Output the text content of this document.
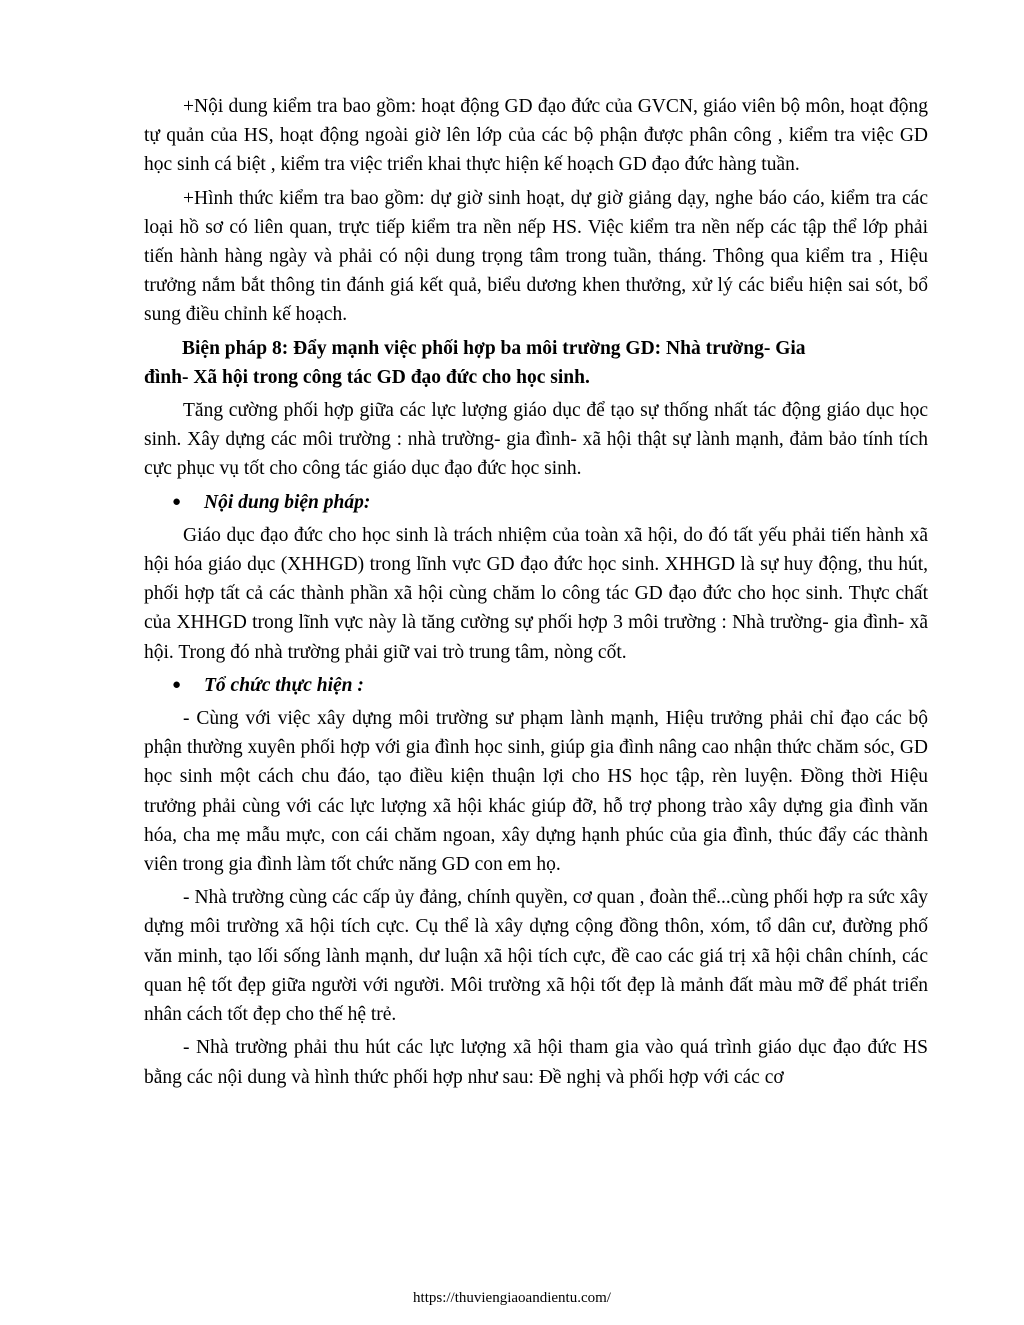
+Nội dung kiểm tra bao gồm: hoạt động GD đạo đức của GVCN, giáo viên bộ môn, hoạt động tự quản của HS, hoạt động ngoài giờ lên lớp của các bộ phận được phân công , kiểm tra việc GD học sinh cá biệt , kiểm tra việc triển khai thực hiện kế hoạch GD đạo đức hàng tuần.

+Hình thức kiểm tra bao gồm: dự giờ sinh hoạt, dự giờ giảng dạy, nghe báo cáo, kiểm tra các loại hồ sơ có liên quan, trực tiếp kiểm tra nền nếp HS. Việc kiểm tra nền nếp các tập thể lớp phải tiến hành hàng ngày và phải có nội dung trọng tâm trong tuần, tháng. Thông qua kiểm tra , Hiệu trưởng nắm bắt thông tin đánh giá kết quả, biểu dương khen thưởng, xử lý các biểu hiện sai sót, bổ sung điều chỉnh kế hoạch.

Biện pháp 8: Đẩy mạnh việc phối hợp ba môi trường GD: Nhà trường- Gia
đình- Xã hội trong công tác GD đạo đức cho học sinh.

Tăng cường phối hợp giữa các lực lượng giáo dục để tạo sự thống nhất tác động giáo dục học sinh. Xây dựng các môi trường : nhà trường- gia đình- xã hội thật sự lành mạnh, đảm bảo tính tích cực phục vụ tốt cho công tác giáo dục đạo đức học sinh.

● Nội dung biện pháp:

Giáo dục đạo đức cho học sinh là trách nhiệm của toàn xã hội, do đó tất yếu phải tiến hành xã hội hóa giáo dục (XHHGD) trong lĩnh vực GD đạo đức học sinh. XHHGD là sự huy động, thu hút, phối hợp tất cả các thành phần xã hội cùng chăm lo công tác GD đạo đức cho học sinh. Thực chất của XHHGD trong lĩnh vực này là tăng cường sự phối hợp 3 môi trường : Nhà trường- gia đình- xã hội. Trong đó nhà trường phải giữ vai trò trung tâm, nòng cốt.

● Tổ chức thực hiện :

- Cùng với việc xây dựng môi trường sư phạm lành mạnh, Hiệu trưởng phải chỉ đạo các bộ phận thường xuyên phối hợp với gia đình học sinh, giúp gia đình nâng cao nhận thức chăm sóc, GD học sinh một cách chu đáo, tạo điều kiện thuận lợi cho HS học tập, rèn luyện. Đồng thời Hiệu trưởng phải cùng với các lực lượng xã hội khác giúp đỡ, hỗ trợ phong trào xây dựng gia đình văn hóa, cha mẹ mẫu mực, con cái chăm ngoan, xây dựng hạnh phúc của gia đình, thúc đẩy các thành viên trong gia đình làm tốt chức năng GD con em họ.

- Nhà trường cùng các cấp ủy đảng, chính quyền, cơ quan , đoàn thể...cùng phối hợp ra sức xây dựng môi trường xã hội tích cực. Cụ thể là xây dựng cộng đồng thôn, xóm, tổ dân cư, đường phố văn minh, tạo lối sống lành mạnh, dư luận xã hội tích cực, đề cao các giá trị xã hội chân chính, các quan hệ tốt đẹp giữa người với người. Môi trường xã hội tốt đẹp là mảnh đất màu mỡ để phát triển nhân cách tốt đẹp cho thế hệ trẻ.

- Nhà trường phải thu hút các lực lượng xã hội tham gia vào quá trình giáo dục đạo đức HS bằng các nội dung và hình thức phối hợp như sau: Đề nghị và phối hợp với các cơ

https://thuviengiaoandientu.com/
